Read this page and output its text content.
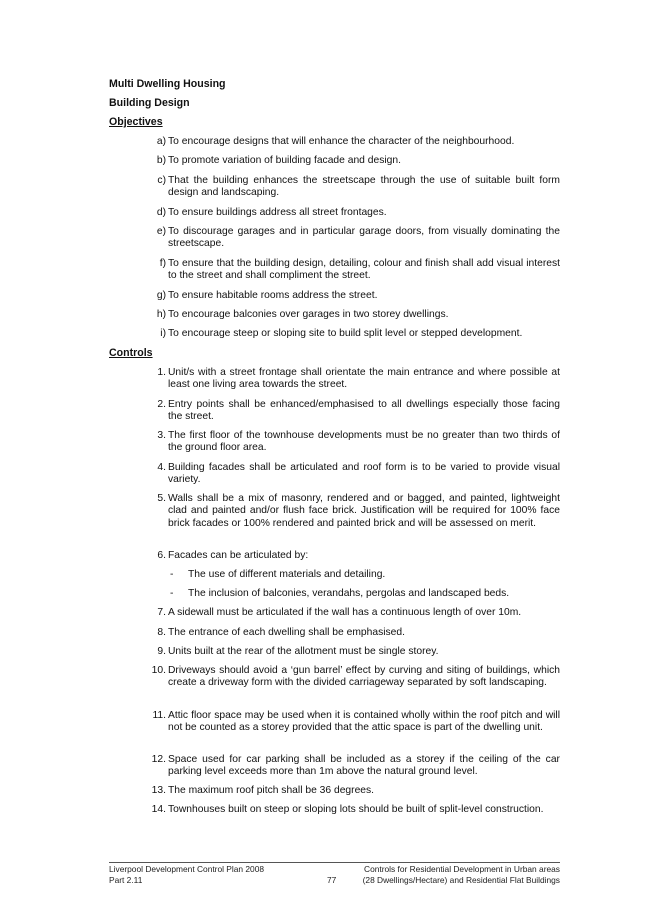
Multi Dwelling Housing
Building Design
Objectives
a) To encourage designs that will enhance the character of the neighbourhood.
b) To promote variation of building facade and design.
c) That the building enhances the streetscape through the use of suitable built form design and landscaping.
d) To ensure buildings address all street frontages.
e) To discourage garages and in particular garage doors, from visually dominating the streetscape.
f) To ensure that the building design, detailing, colour and finish shall add visual interest to the street and shall compliment the street.
g) To ensure habitable rooms address the street.
h) To encourage balconies over garages in two storey dwellings.
i) To encourage steep or sloping site to build split level or stepped development.
Controls
1. Unit/s with a street frontage shall orientate the main entrance and where possible at least one living area towards the street.
2. Entry points shall be enhanced/emphasised to all dwellings especially those facing the street.
3. The first floor of the townhouse developments must be no greater than two thirds of the ground floor area.
4. Building facades shall be articulated and roof form is to be varied to provide visual variety.
5. Walls shall be a mix of masonry, rendered and or bagged, and painted, lightweight clad and painted and/or flush face brick. Justification will be required for 100% face brick facades or 100% rendered and painted brick and will be assessed on merit.
6. Facades can be articulated by:
- The use of different materials and detailing.
- The inclusion of balconies, verandahs, pergolas and landscaped beds.
7. A sidewall must be articulated if the wall has a continuous length of over 10m.
8. The entrance of each dwelling shall be emphasised.
9. Units built at the rear of the allotment must be single storey.
10. Driveways should avoid a ‘gun barrel’ effect by curving and siting of buildings, which create a driveway form with the divided carriageway separated by soft landscaping.
11. Attic floor space may be used when it is contained wholly within the roof pitch and will not be counted as a storey provided that the attic space is part of the dwelling unit.
12. Space used for car parking shall be included as a storey if the ceiling of the car parking level exceeds more than 1m above the natural ground level.
13. The maximum roof pitch shall be 36 degrees.
14. Townhouses built on steep or sloping lots should be built of split-level construction.
Liverpool Development Control Plan 2008
Part 2.11	77
Controls for Residential Development in Urban areas
(28 Dwellings/Hectare) and Residential Flat Buildings
